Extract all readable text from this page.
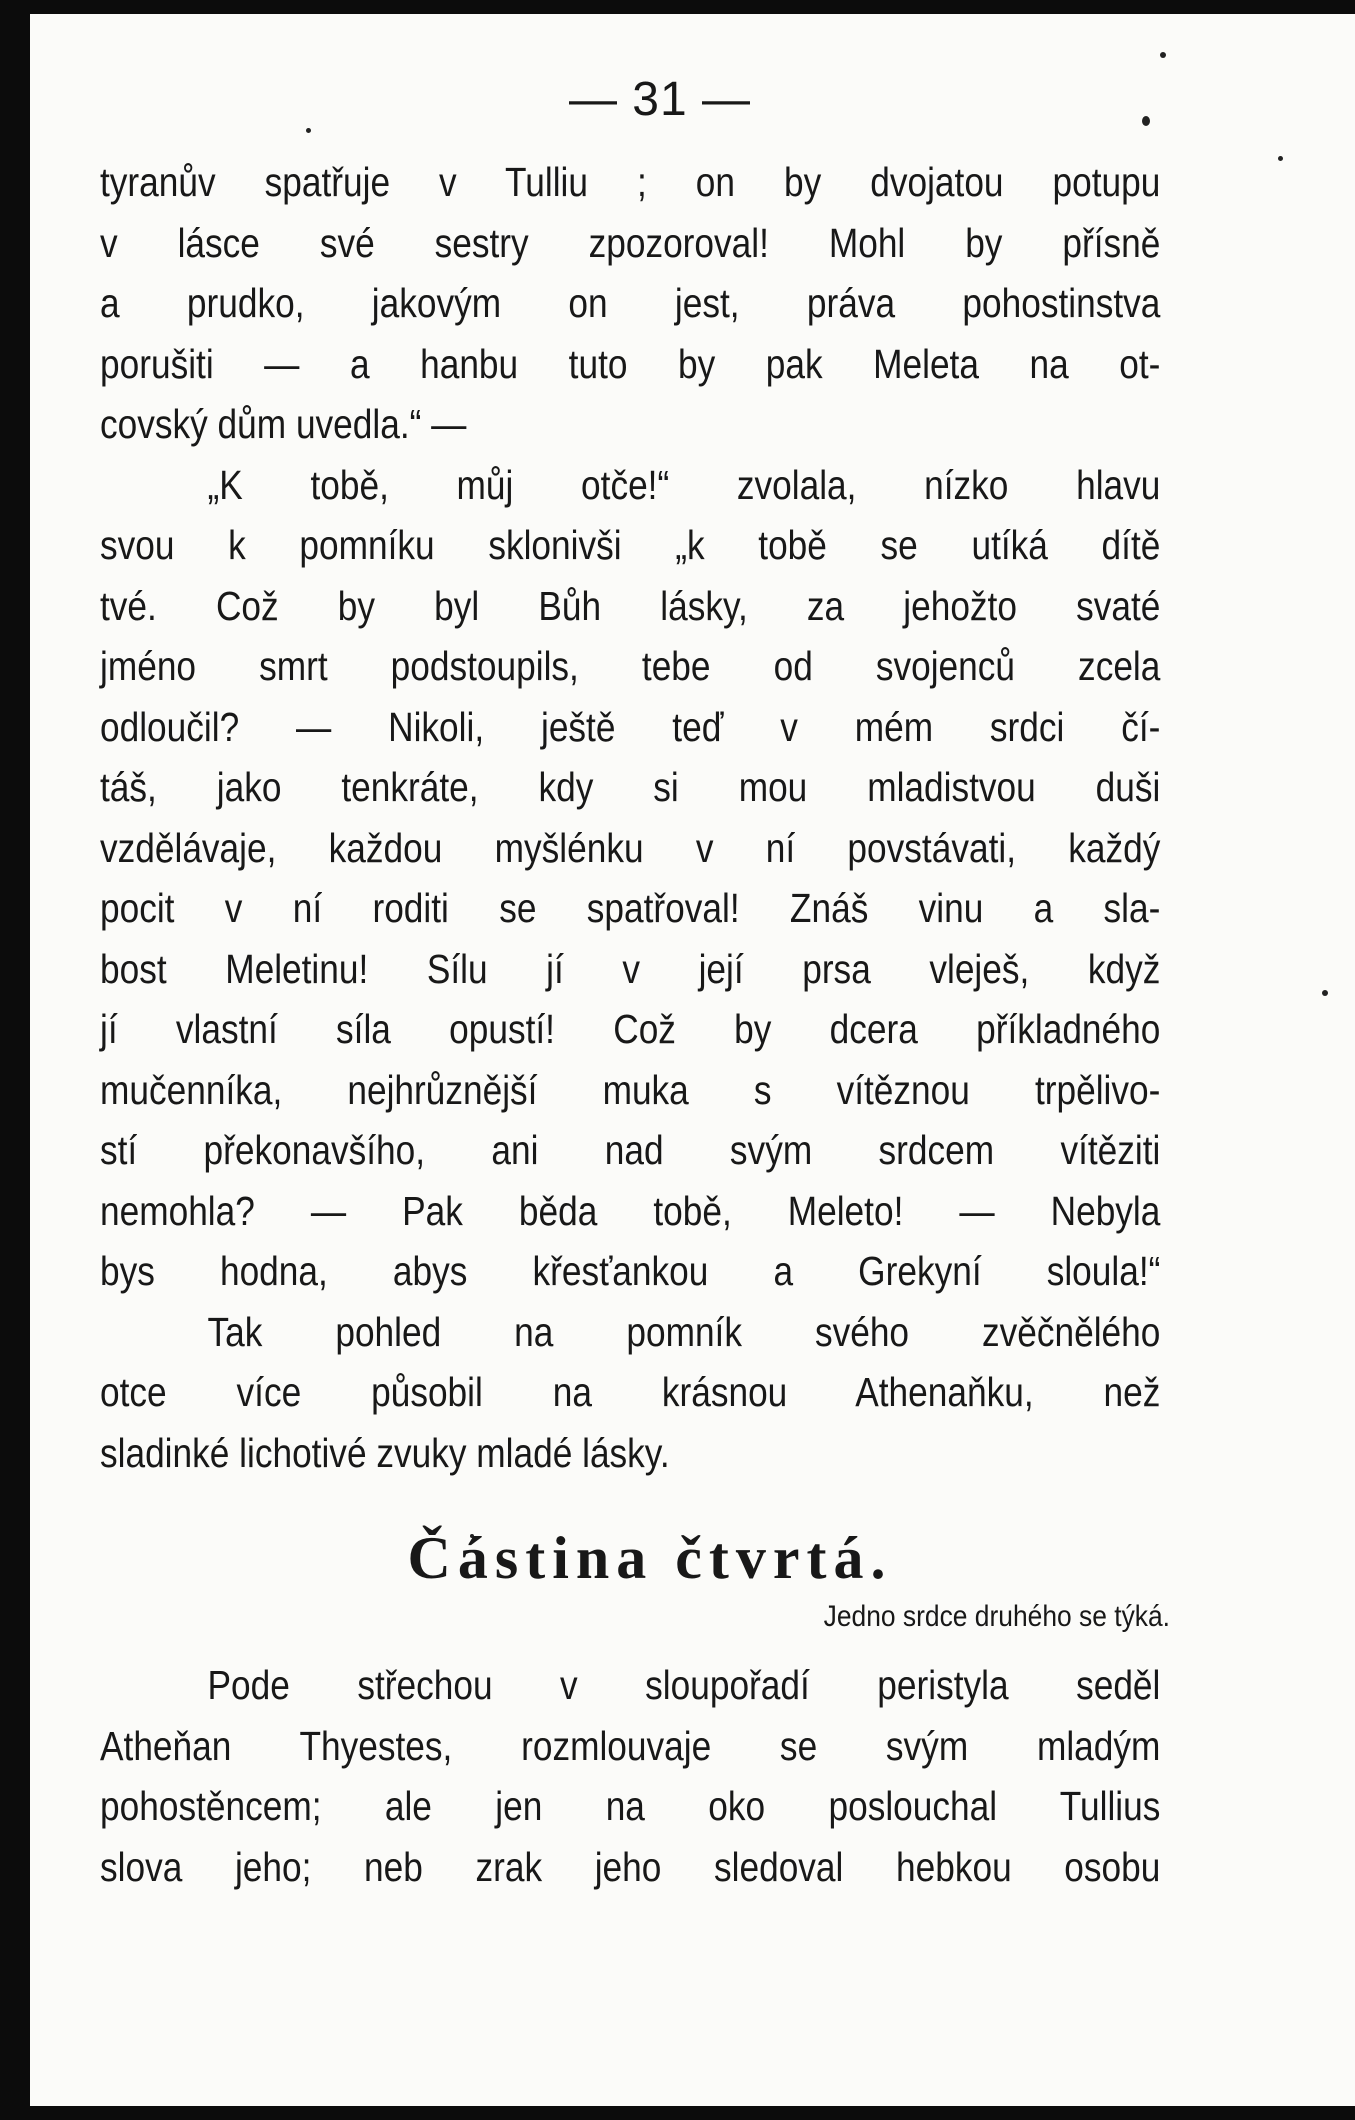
— 31 —
tyranův spatřuje v Tulliu ; on by dvojatou potupu
v lásce své sestry zpozoroval! Mohl by přísně
a prudko, jakovým on jest, práva pohostinstva
porušiti — a hanbu tuto by pak Meleta na ot-
covský dům uvedla.“ —
„K tobě, můj otče!“ zvolala, nízko hlavu
svou k pomníku sklonivši „k tobě se utíká dítě
tvé. Což by byl Bůh lásky, za jehožto svaté
jméno smrt podstoupils, tebe od svojenců zcela
odloučil? — Nikoli, ještě teď v mém srdci čí-
táš, jako tenkráte, kdy si mou mladistvou duši
vzdělávaje, každou myšlénku v ní povstávati, každý
pocit v ní roditi se spatřoval! Znáš vinu a sla-
bost Meletinu! Sílu jí v její prsa vleješ, když
jí vlastní síla opustí! Což by dcera příkladného
mučenníka, nejhrůznější muka s vítěznou trpělivo-
stí překonavšího, ani nad svým srdcem vítěziti
nemohla? — Pak běda tobě, Meleto! — Nebyla
bys hodna, abys křesťankou a Grekyní sloula!“
Tak pohled na pomník svého zvěčnělého
otce více působil na krásnou Athenaňku, než
sladinké lichotivé zvuky mladé lásky.
Částina čtvrtá.
Jedno srdce druhého se týká.
Pode střechou v sloupořadí peristyla seděl
Atheňan Thyestes, rozmlouvaje se svým mladým
pohostěncem; ale jen na oko poslouchal Tullius
slova jeho; neb zrak jeho sledoval hebkou osobu
